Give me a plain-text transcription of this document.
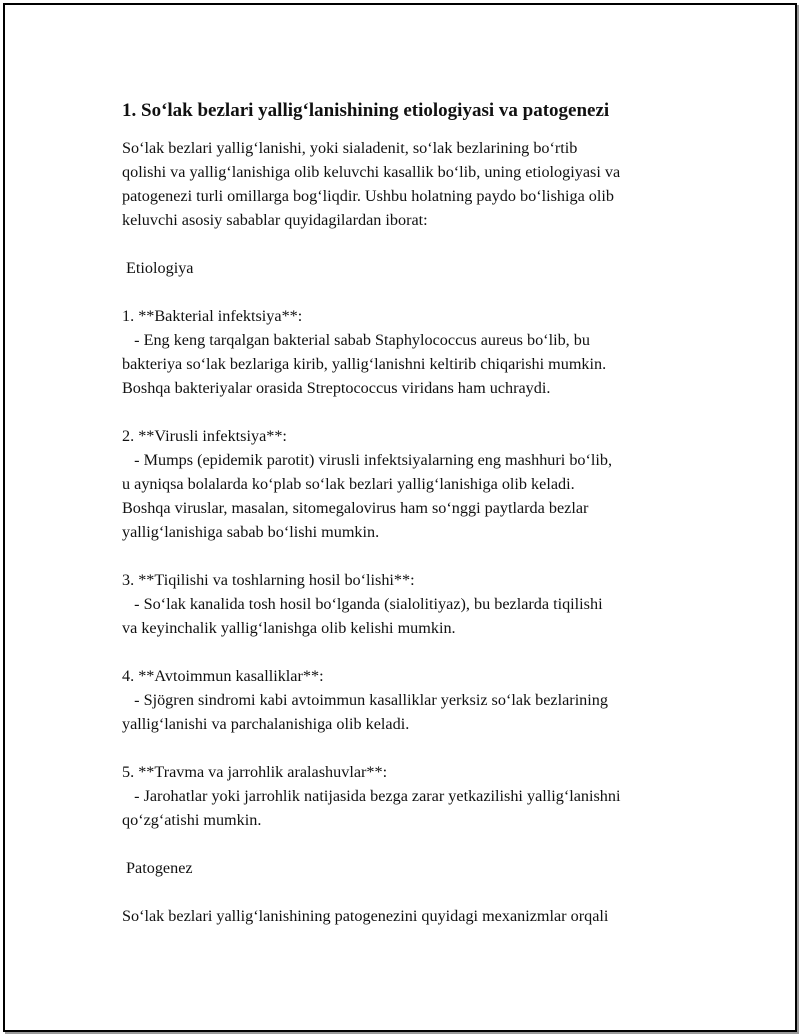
1. So‘lak bezlari yallig‘lanishining etiologiyasi va patogenezi

So‘lak bezlari yallig‘lanishi, yoki sialadenit, so‘lak bezlarining bo‘rtib

qolishi va yallig‘lanishiga olib keluvchi kasallik bo‘lib, uning etiologiyasi va

patogenezi turli omillarga bog‘liqdir. Ushbu holatning paydo bo‘lishiga olib

keluvchi asosiy sabablar quyidagilardan iborat:

Etiologiya

1. **Bakterial infektsiya**:

- Eng keng tarqalgan bakterial sabab Staphylococcus aureus bo‘lib, bu

bakteriya so‘lak bezlariga kirib, yallig‘lanishni keltirib chiqarishi mumkin.

Boshqa bakteriyalar orasida Streptococcus viridans ham uchraydi.

2. **Virusli infektsiya**:

- Mumps (epidemik parotit) virusli infektsiyalarning eng mashhuri bo‘lib,

u ayniqsa bolalarda ko‘plab so‘lak bezlari yallig‘lanishiga olib keladi.

Boshqa viruslar, masalan, sitomegalovirus ham so‘nggi paytlarda bezlar

yallig‘lanishiga sabab bo‘lishi mumkin.

3. **Tiqilishi va toshlarning hosil bo‘lishi**:

- So‘lak kanalida tosh hosil bo‘lganda (sialolitiyaz), bu bezlarda tiqilishi

va keyinchalik yallig‘lanishga olib kelishi mumkin.

4. **Avtoimmun kasalliklar**:

- Sjögren sindromi kabi avtoimmun kasalliklar yerksiz so‘lak bezlarining

yallig‘lanishi va parchalanishiga olib keladi.

5. **Travma va jarrohlik aralashuvlar**:

- Jarohatlar yoki jarrohlik natijasida bezga zarar yetkazilishi yallig‘lanishni

qo‘zg‘atishi mumkin.

Patogenez

So‘lak bezlari yallig‘lanishining patogenezini quyidagi mexanizmlar orqali
